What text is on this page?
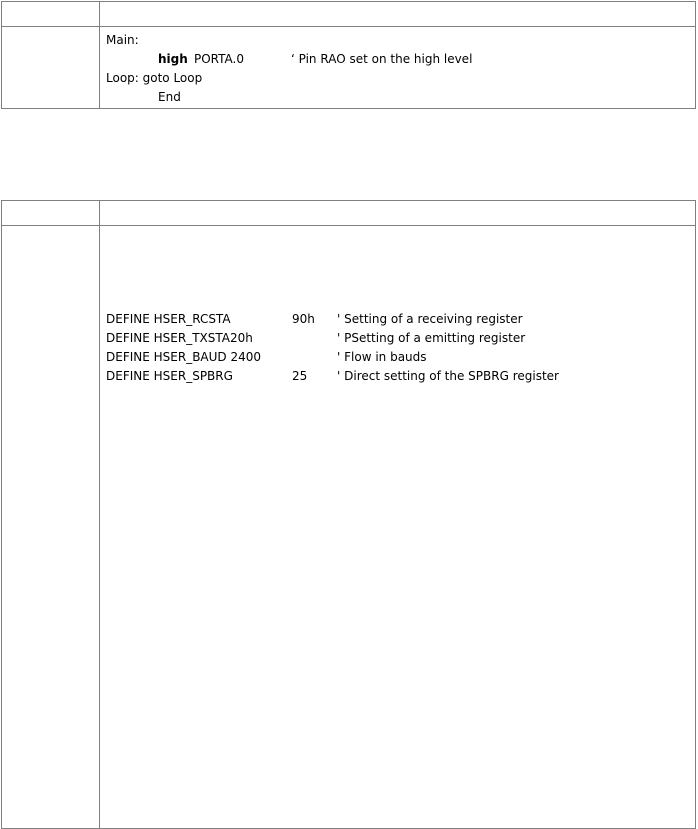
Main:
high PORTA.0	‘ Pin RAO set on the high level
Loop: goto Loop
End
DEFINE HSER_RCSTA	90h ' Setting of a receiving register
DEFINE HSER_TXSTA20h	' PSetting of a emitting register
DEFINE HSER_BAUD 2400	' Flow in bauds
DEFINE HSER_SPBRG	25 ' Direct setting of the SPBRG register
